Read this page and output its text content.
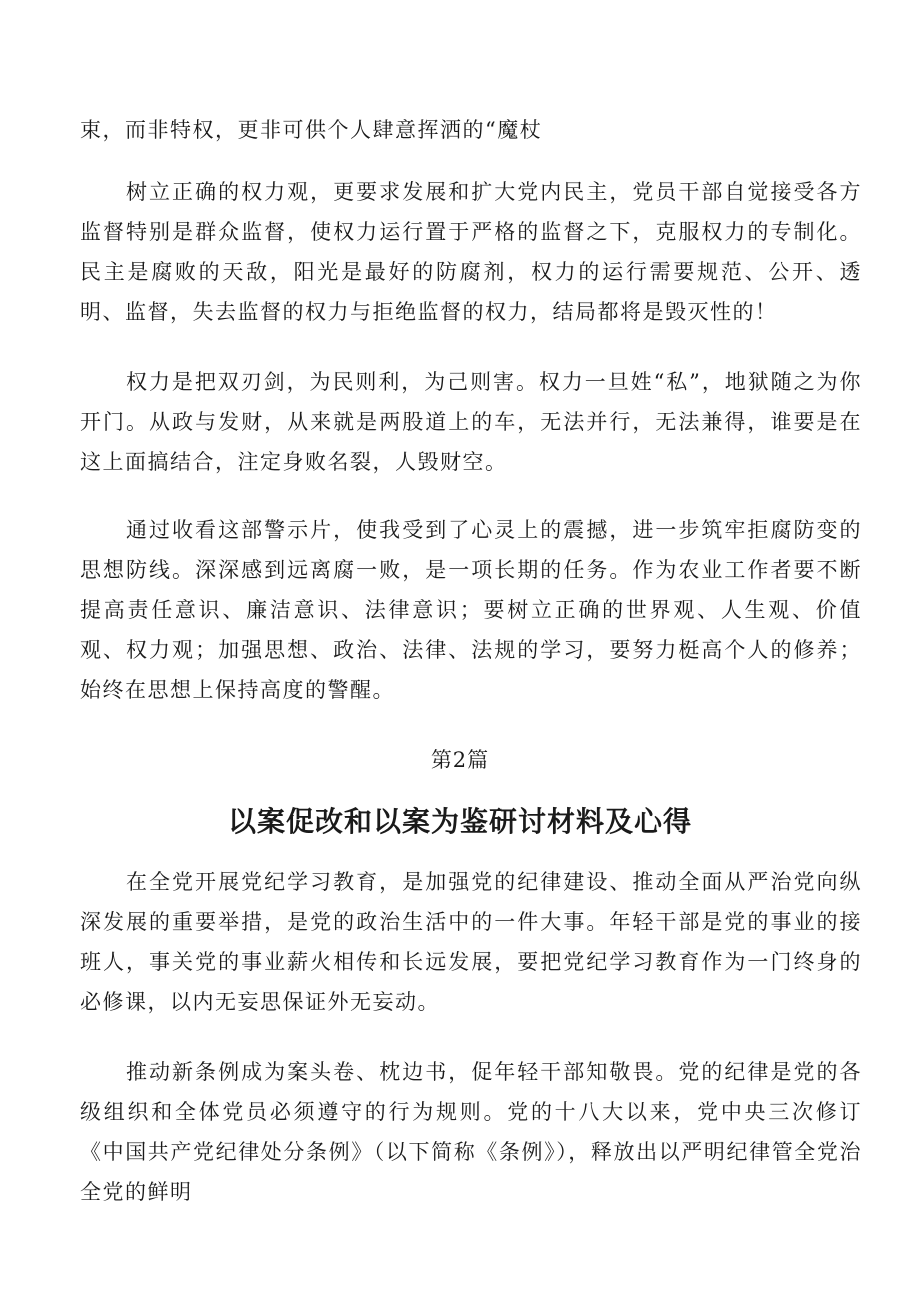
束，而非特权，更非可供个人肆意挥洒的“魔杖

树立正确的权力观，更要求发展和扩大党内民主，党员干部自觉接受各方监督特别是群众监督，使权力运行置于严格的监督之下，克服权力的专制化。民主是腐败的天敌，阳光是最好的防腐剂，权力的运行需要规范、公开、透明、监督，失去监督的权力与拒绝监督的权力，结局都将是毁灭性的！

权力是把双刃剑，为民则利，为己则害。权力一旦姓“私”，地狱随之为你开门。从政与发财，从来就是两股道上的车，无法并行，无法兼得，谁要是在这上面搞结合，注定身败名裂，人毁财空。

通过收看这部警示片，使我受到了心灵上的震撼，进一步筑牢拒腐防变的思想防线。深深感到远离腐一败，是一项长期的任务。作为农业工作者要不断提高责任意识、廉洁意识、法律意识；要树立正确的世界观、人生观、价值观、权力观；加强思想、政治、法律、法规的学习，要努力梃高个人的修养；始终在思想上保持高度的警醒。

第2篇

以案促改和以案为鉴研讨材料及心得

在全党开展党纪学习教育，是加强党的纪律建设、推动全面从严治党向纵深发展的重要举措，是党的政治生活中的一件大事。年轻干部是党的事业的接班人，事关党的事业薪火相传和长远发展，要把党纪学习教育作为一门终身的必修课，以内无妄思保证外无妄动。

推动新条例成为案头卷、枕边书，促年轻干部知敬畏。党的纪律是党的各级组织和全体党员必须遵守的行为规则。党的十八大以来，党中央三次修订《中国共产党纪律处分条例》（以下简称《条例》），释放出以严明纪律管全党治全党的鲜明
